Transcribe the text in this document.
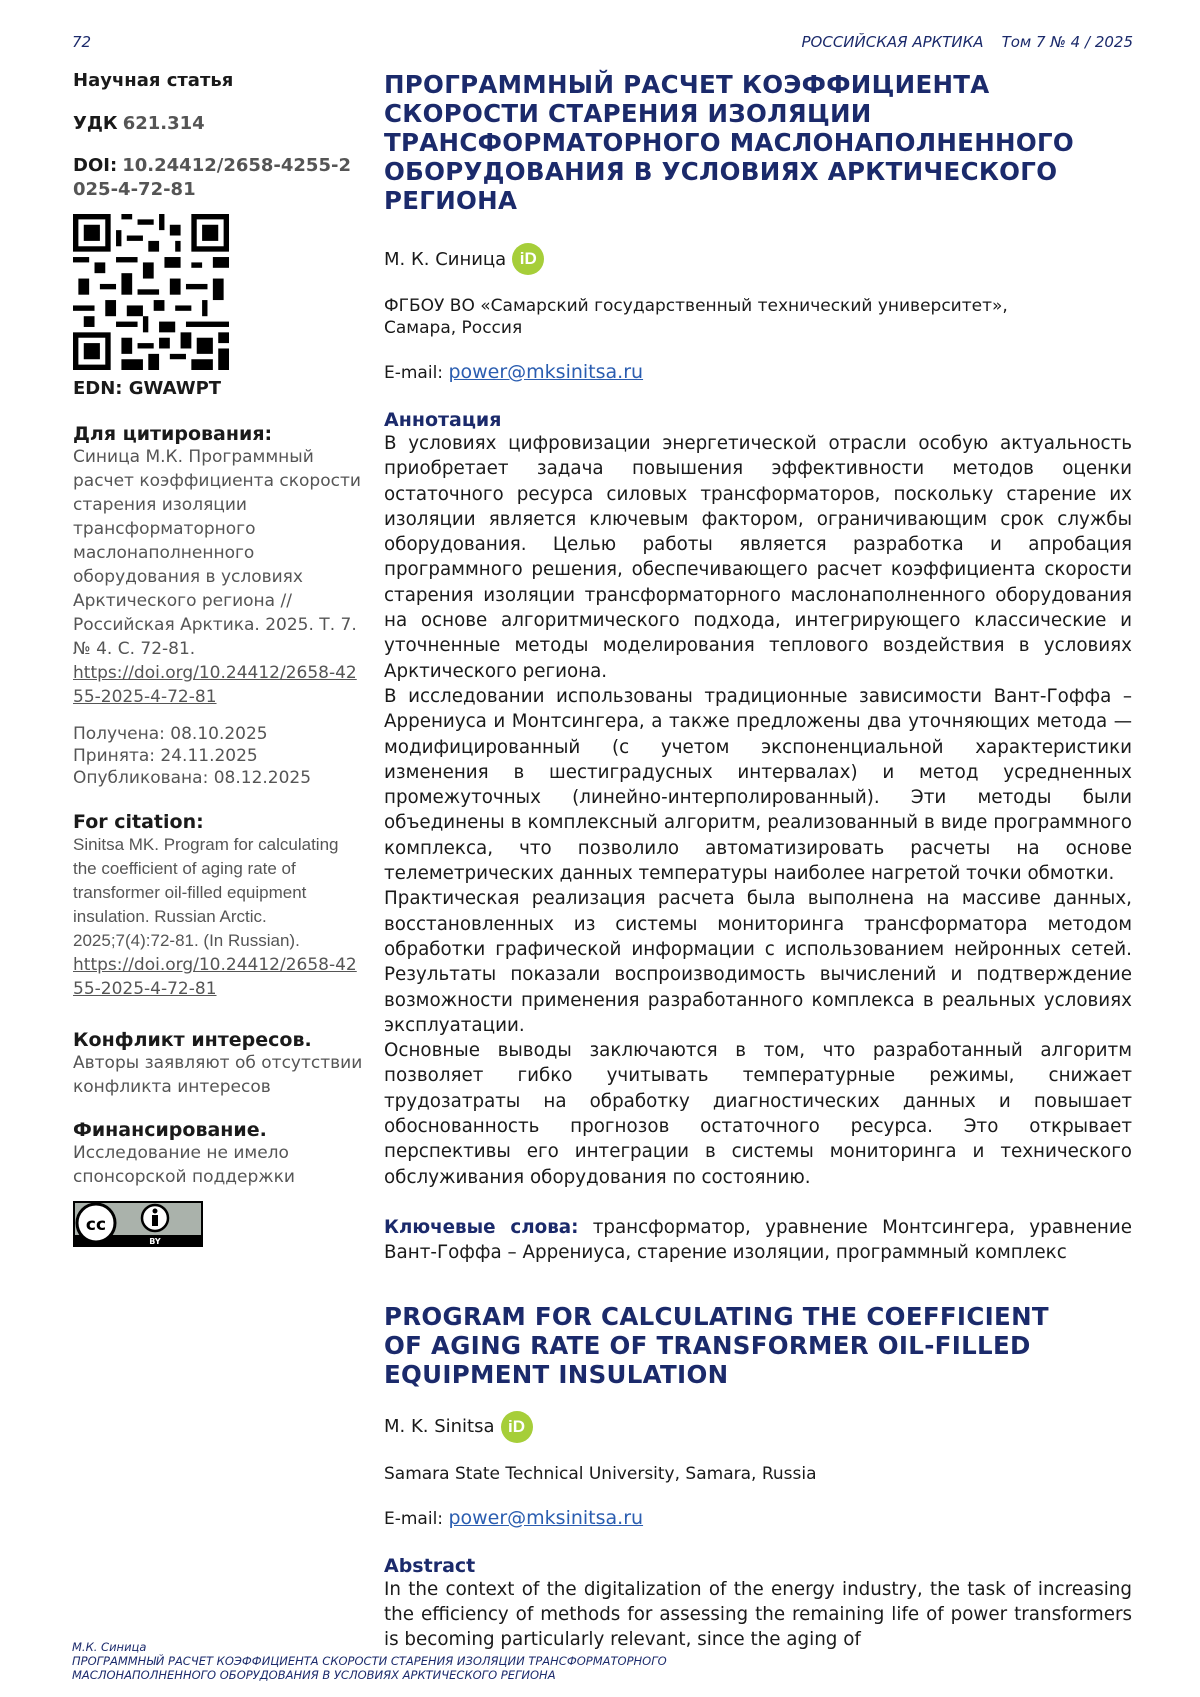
72	РОССИЙСКАЯ АРКТИКА Том 7 № 4 / 2025
Научная статья
УДК 621.314
DOI: 10.24412/2658-4255-2025-4-72-81
EDN: GWAWPT
Для цитирования:
Синица М.К. Программный расчет коэффициента скорости старения изоляции трансформаторного маслонаполненного оборудования в условиях Арктического региона // Российская Арктика. 2025. Т. 7. № 4. С. 72-81.
https://doi.org/10.24412/2658-4255-2025-4-72-81
Получена: 08.10.2025
Принята: 24.11.2025
Опубликована: 08.12.2025
For citation:
Sinitsa MK. Program for calculating the coefficient of aging rate of transformer oil-filled equipment insulation. Russian Arctic. 2025;7(4):72-81. (In Russian).
https://doi.org/10.24412/2658-4255-2025-4-72-81
Конфликт интересов.
Авторы заявляют об отсутствии конфликта интересов
Финансирование.
Исследование не имело спонсорской поддержки
cc
BY
ПРОГРАММНЫЙ РАСЧЕТ КОЭФФИЦИЕНТА СКОРОСТИ СТАРЕНИЯ ИЗОЛЯЦИИ ТРАНСФОРМАТОРНОГО МАСЛОНАПОЛНЕННОГО ОБОРУДОВАНИЯ В УСЛОВИЯХ АРКТИЧЕСКОГО РЕГИОНА
М. К. Синица iD
ФГБОУ ВО «Самарский государственный технический университет», Самара, Россия
E-mail: power@mksinitsa.ru
Аннотация

В условиях цифровизации энергетической отрасли особую актуальность приобретает задача повышения эффективности методов оценки остаточного ресурса силовых трансформаторов, поскольку старение их изоляции является ключевым фактором, ограничивающим срок службы оборудования. Целью работы является разработка и апробация программного решения, обеспечивающего расчет коэффициента скорости старения изоляции трансформаторного маслонаполненного оборудования на основе алгоритмического подхода, интегрирующего классические и уточненные методы моделирования теплового воздействия в условиях Арктического региона.

В исследовании использованы традиционные зависимости Вант-Гоффа – Аррениуса и Монтсингера, а также предложены два уточняющих метода — модифицированный (с учетом экспоненциальной характеристики изменения в шестиградусных интервалах) и метод усредненных промежуточных (линейно-интерполированный). Эти методы были объединены в комплексный алгоритм, реализованный в виде программного комплекса, что позволило автоматизировать расчеты на основе телеметрических данных температуры наиболее нагретой точки обмотки.

Практическая реализация расчета была выполнена на массиве данных, восстановленных из системы мониторинга трансформатора методом обработки графической информации с использованием нейронных сетей. Результаты показали воспроизводимость вычислений и подтверждение возможности применения разработанного комплекса в реальных условиях эксплуатации.

Основные выводы заключаются в том, что разработанный алгоритм позволяет гибко учитывать температурные режимы, снижает трудозатраты на обработку диагностических данных и повышает обоснованность прогнозов остаточного ресурса. Это открывает перспективы его интеграции в системы мониторинга и технического обслуживания оборудования по состоянию.

Ключевые слова: трансформатор, уравнение Монтсингера, уравнение Вант-Гоффа – Аррениуса, старение изоляции, программный комплекс

PROGRAM FOR CALCULATING THE COEFFICIENT OF AGING RATE OF TRANSFORMER OIL-FILLED EQUIPMENT INSULATION
M. K. Sinitsa iD
Samara State Technical University, Samara, Russia
E-mail: power@mksinitsa.ru
Abstract

In the context of the digitalization of the energy industry, the task of increasing the efficiency of methods for assessing the remaining life of power transformers is becoming particularly relevant, since the aging of

М.К. Синица
ПРОГРАММНЫЙ РАСЧЕТ КОЭФФИЦИЕНТА СКОРОСТИ СТАРЕНИЯ ИЗОЛЯЦИИ ТРАНСФОРМАТОРНОГО
МАСЛОНАПОЛНЕННОГО ОБОРУДОВАНИЯ В УСЛОВИЯХ АРКТИЧЕСКОГО РЕГИОНА
